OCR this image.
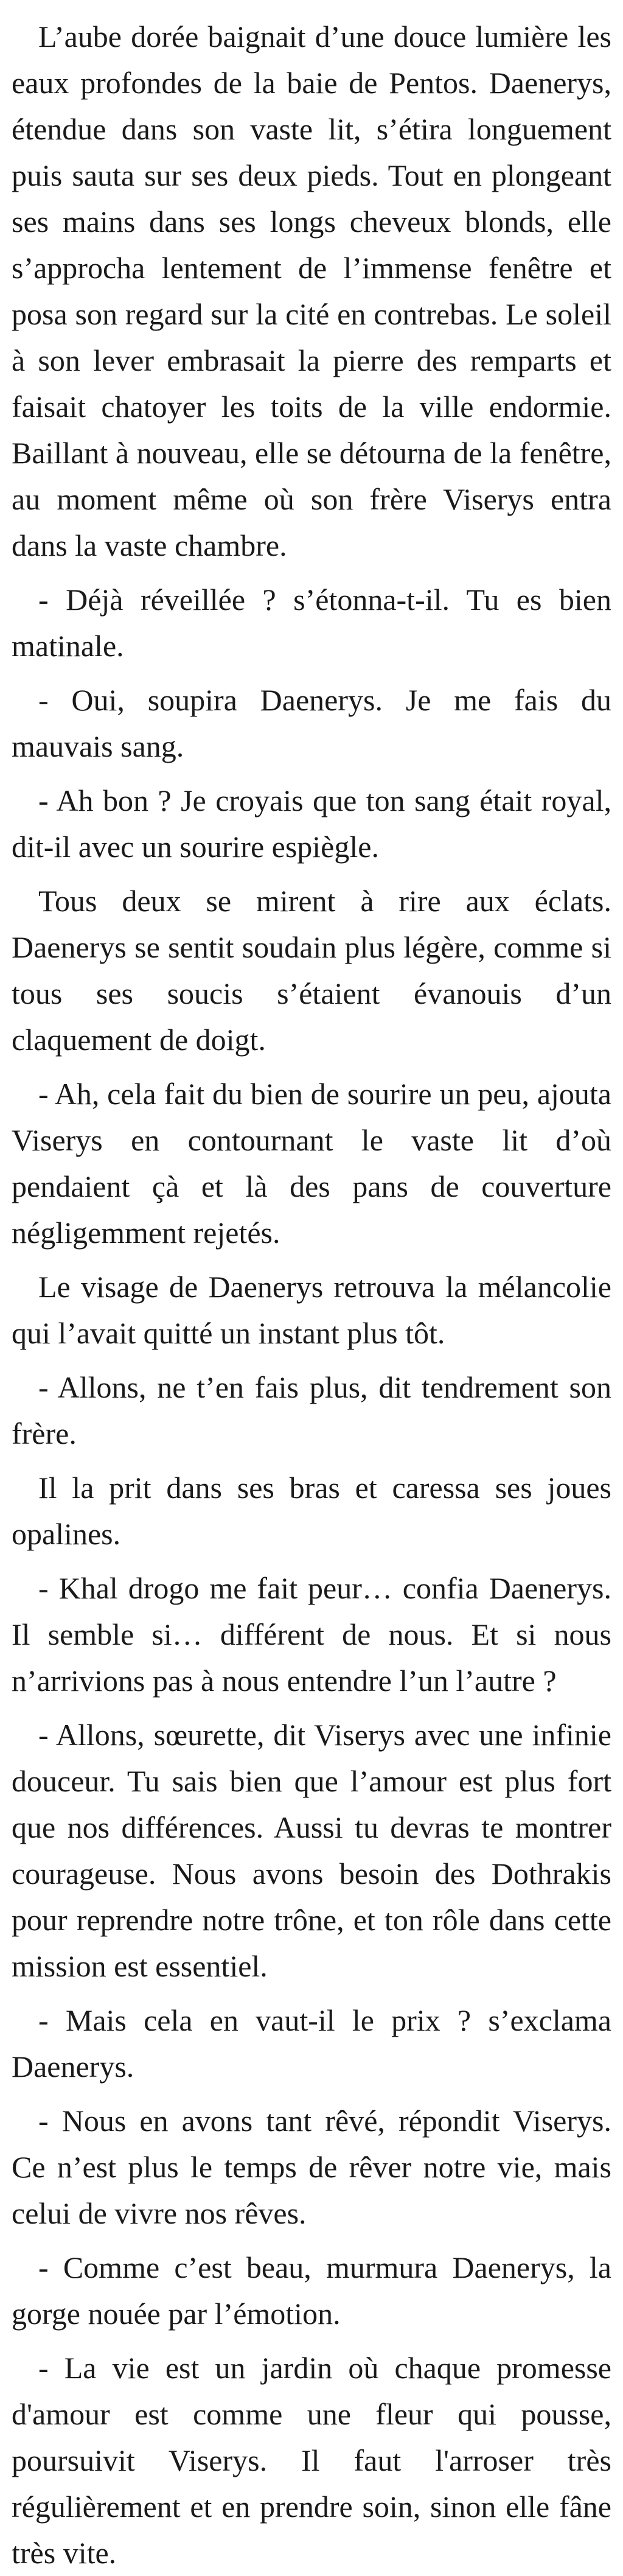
L’aube dorée baignait d’une douce lumière les eaux profondes de la baie de Pentos. Daenerys, étendue dans son vaste lit, s’étira longuement puis sauta sur ses deux pieds. Tout en plongeant ses mains dans ses longs cheveux blonds, elle s’approcha lentement de l’immense fenêtre et posa son regard sur la cité en contrebas. Le soleil à son lever embrasait la pierre des remparts et faisait chatoyer les toits de la ville endormie. Baillant à nouveau, elle se détourna de la fenêtre, au moment même où son frère Viserys entra dans la vaste chambre.

- Déjà réveillée ? s’étonna-t-il. Tu es bien matinale.

- Oui, soupira Daenerys. Je me fais du mauvais sang.

- Ah bon ? Je croyais que ton sang était royal, dit-il avec un sourire espiègle.

Tous deux se mirent à rire aux éclats. Daenerys se sentit soudain plus légère, comme si tous ses soucis s’étaient évanouis d’un claquement de doigt.

- Ah, cela fait du bien de sourire un peu, ajouta Viserys en contournant le vaste lit d’où pendaient çà et là des pans de couverture négligemment rejetés.

Le visage de Daenerys retrouva la mélancolie qui l’avait quitté un instant plus tôt.

- Allons, ne t’en fais plus, dit tendrement son frère.

Il la prit dans ses bras et caressa ses joues opalines.

- Khal drogo me fait peur… confia Daenerys. Il semble si… différent de nous. Et si nous n’arrivions pas à nous entendre l’un l’autre ?

- Allons, sœurette, dit Viserys avec une infinie douceur. Tu sais bien que l’amour est plus fort que nos différences. Aussi tu devras te montrer courageuse. Nous avons besoin des Dothrakis pour reprendre notre trône, et ton rôle dans cette mission est essentiel.

- Mais cela en vaut-il le prix ? s’exclama Daenerys.

- Nous en avons tant rêvé, répondit Viserys. Ce n’est plus le temps de rêver notre vie, mais celui de vivre nos rêves.

- Comme c’est beau, murmura Daenerys, la gorge nouée par l’émotion.

- La vie est un jardin où chaque promesse d'amour est comme une fleur qui pousse, poursuivit Viserys. Il faut l'arroser très régulièrement et en prendre soin, sinon elle fâne très vite.
